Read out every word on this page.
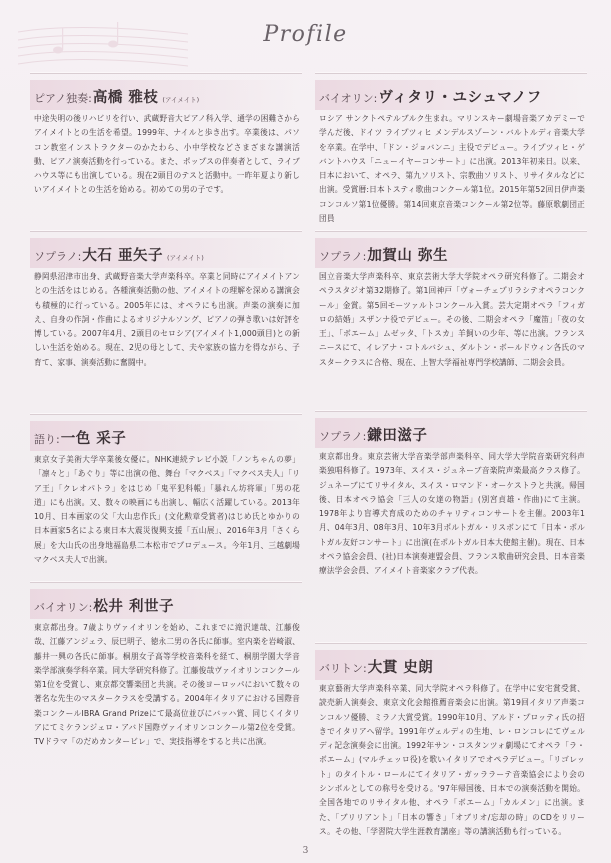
Profile
ピアノ独奏: 高橋 雅枝 (アイメイト)

中途失明の後リハビリを行い、武蔵野音大ピアノ科入学、通学の困難さからアイメイトとの生活を希望。1999年、ナイルと歩き出す。卒業後は、パソコン教室インストラクターのかたわら、小中学校などさまざまな講演活動、ピアノ演奏活動を行っている。また、ポップスの伴奏者として、ライブハウス等にも出演している。現在2頭目のテスと活動中。一昨年夏より新しいアイメイトとの生活を始める。初めての男の子です。

ソプラノ: 大石 亜矢子 (アイメイト)

静岡県沼津市出身、武蔵野音楽大学声楽科卒。卒業と同時にアイメイトアンとの生活をはじめる。各種演奏活動の他、アイメイトの理解を深める講演会も積極的に行っている。2005年には、オペラにも出演。声楽の演奏に加え、自身の作詞・作曲によるオリジナルソング、ピアノの弾き歌いは好評を博している。2007年4月、2頭目のセロシア(アイメイト1,000頭目)との新しい生活を始める。現在、2児の母として、夫や家族の協力を得ながら、子育て、家事、演奏活動に奮闘中。

語り: 一色 采子

東京女子美術大学卒業後女優に。NHK連続テレビ小説「ノンちゃんの夢」「凛々と」「あぐり」等に出演の他、舞台「マクベス」「マクベス夫人」「リア王」「クレオパトラ」をはじめ「鬼平犯科帳」「暴れん坊将軍」「男の花道」にも出演。又、数々の映画にも出演し、幅広く活躍している。2013年10月、日本画家の父「大山忠作氏」(文化勲章受賞者)はじめ氏とゆかりの日本画家5名による東日本大震災復興支援「五山展」、2016年3月「さくら展」を大山氏の出身地福島県二本松市でプロデュース。今年1月、三越劇場マクベス夫人で出演。

バイオリン: 松井 利世子

東京都出身。7歳よりヴァイオリンを始め、これまでに滝沢達哉、江藤俊哉、江藤アンジェラ、辰巳明子、徳永二男の各氏に師事。室内楽を岩崎淑、藤井一興の各氏に師事。桐朋女子高等学校音楽科を経て、桐朋学園大学音楽学部演奏学科卒業。同大学研究科修了。江藤俊哉ヴァイオリンコンクール第1位を受賞し、東京都交響楽団と共演。その後ヨーロッパにおいて数々の著名な先生のマスタークラスを受講する。2004年イタリアにおける国際音楽コンクールIBRA Grand Prizeにて最高位並びにバッハ賞、同じくイタリアにてミケランジェロ・アバド国際ヴァイオリンコンクール第2位を受賞。TVドラマ「のだめカンタービレ」で、実技指導をすると共に出演。

バイオリン: ヴィタリ・ユシュマノフ

ロシア サンクトペテルブルク生まれ。マリンスキー劇場音楽アカデミーで学んだ後、ドイツ ライプツィヒ メンデルスゾーン・バルトルディ音楽大学を卒業。在学中、「ドン・ジョバンニ」主役でデビュー。ライプツィヒ・ゲバントハウス「ニューイヤーコンサート」に出演。2013年初来日。以来、日本において、オペラ、第九ソリスト、宗教曲ソリスト、リサイタルなどに出演。受賞暦:日本トスティ歌曲コンクール第1位。2015年第52回日伊声楽コンコルソ第1位優勝。第14回東京音楽コンクール第2位等。藤原歌劇団正団員

ソプラノ: 加賀山 弥生

国立音楽大学声楽科卒、東京芸術大学大学院オペラ研究科修了。二期会オペラスタジオ第32期修了。第1回神戸「ヴォーチェプリラシテオペラコンクール」金賞。第5回モーツァルトコンクール入賞。芸大定期オペラ「フィガロの結婚」スザンナ役でデビュー。その後、二期会オペラ「魔笛」「夜の女王」、「ボエーム」ムゼッタ、「トスカ」羊飼いの少年、等に出演。フランスニースにて、イレアナ・コトルバシュ、ダルトン・ボールドウィン各氏のマスタークラスに合格、現在、上智大学福祉専門学校講師、二期会会員。

ソプラノ: 鎌田滋子

東京都出身。東京芸術大学音楽学部声楽科卒、同大学大学院音楽研究科声楽独唱科修了。1973年、スイス・ジュネーブ音楽院声楽最高クラス修了。ジュネーブにてリサイタル、スイス・ロマンド・オーケストラと共演。帰国後、日本オペラ協会「三人の女達の物語」(別宮貞雄・作曲)にて主演。1978年より盲導犬育成のためのチャリティコンサートを主催。2003年1月、04年3月、08年3月、10年3月ポルトガル・リスボンにて「日本・ポルトガル友好コンサート」に出演(在ポルトガル日本大使館主催)。現在、日本オペラ協会会員、(社)日本演奏連盟会員、フランス歌曲研究会員、日本音楽療法学会会員、アイメイト音楽家クラブ代表。

バリトン: 大貫 史朗

東京藝術大学声楽科卒業、同大学院オペラ科修了。在学中に安宅賞受賞、読売新人演奏会、東京文化会館推薦音楽会に出演。第19回イタリア声楽コンコルソ優勝、ミラノ大賞受賞。1990年10月、アルド・プロッティ氏の招きでイタリアへ留学。1991年ヴェルディの生地、レ・ロンコレにてヴェルディ記念演奏会に出演。1992年サン・コスタンツォ劇場にてオペラ「ラ・ボエーム」(マルチェッロ役)を歌いイタリアでオペラデビュー。「リゴレット」のタイトル・ロールにてイタリア・ガッララーテ音楽協会により会のシンボルとしての称号を受ける。'97年帰国後、日本での演奏活動を開始。全国各地でのリサイタル他、オペラ「ボエーム」「カルメン」に出演。また、「ブリリアント」「日本の響き」「オブリオ/忘却の時」のCDをリリース。その他、「学習院大学生涯教育講座」等の講演活動も行っている。

3
